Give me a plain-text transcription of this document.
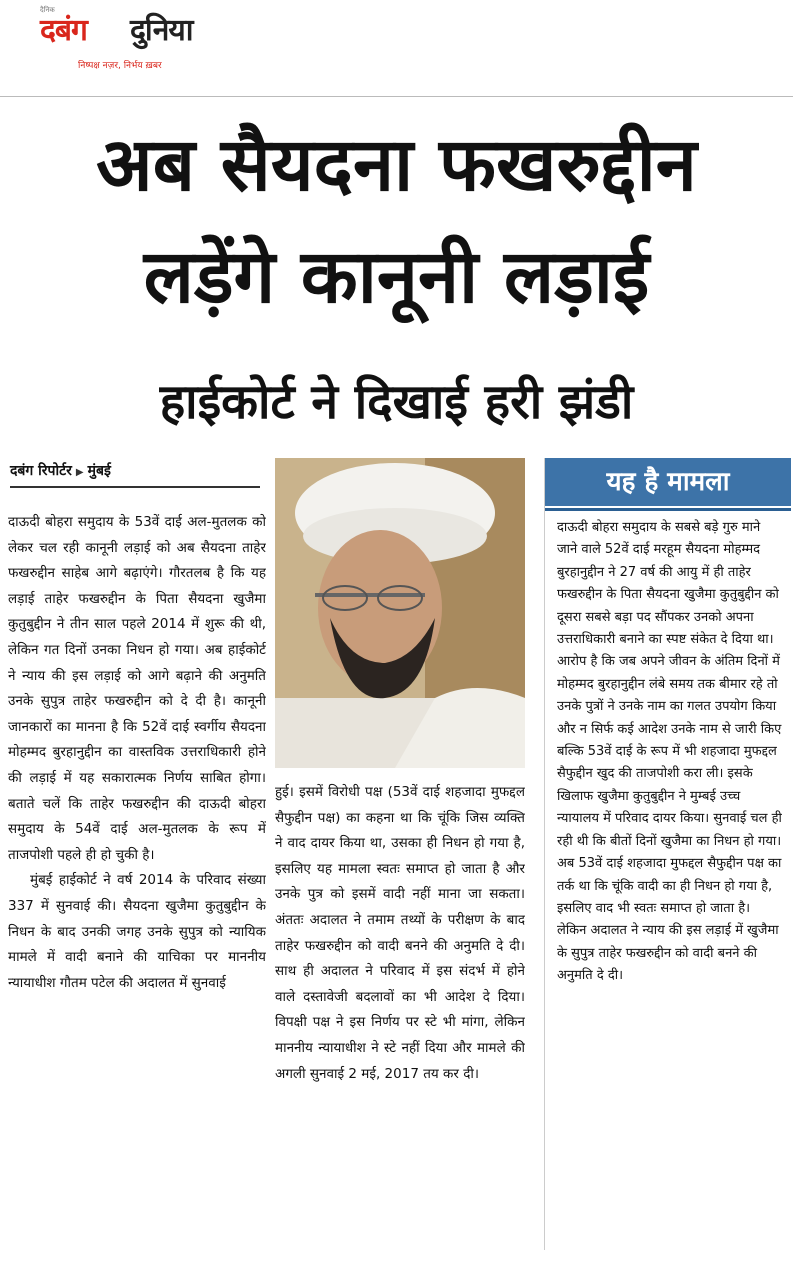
दैनिक
दबंग दुनिया
निष्पक्ष नज़र, निर्भय ख़बर
अब सैयदना फखरुद्दीन
लड़ेंगे कानूनी लड़ाई
हाईकोर्ट ने दिखाई हरी झंडी
दबंग रिपोर्टर ▶ मुंबई

दाऊदी बोहरा समुदाय के 53वें दाई अल-मुतलक को लेकर चल रही कानूनी लड़ाई को अब सैयदना ताहेर फखरुद्दीन साहेब आगे बढ़ाएंगे। गौरतलब है कि यह लड़ाई ताहेर फखरुद्दीन के पिता सैयदना खुजैमा कुतुबुद्दीन ने तीन साल पहले 2014 में शुरू की थी, लेकिन गत दिनों उनका निधन हो गया। अब हाईकोर्ट ने न्याय की इस लड़ाई को आगे बढ़ाने की अनुमति उनके सुपुत्र ताहेर फखरुद्दीन को दे दी है। कानूनी जानकारों का मानना है कि 52वें दाई स्वर्गीय सैयदना मोहम्मद बुरहानुद्दीन का वास्तविक उत्तराधिकारी होने की लड़ाई में यह सकारात्मक निर्णय साबित होगा। बताते चलें कि ताहेर फखरुद्दीन की दाऊदी बोहरा समुदाय के 54वें दाई अल-मुतलक के रूप में ताजपोशी पहले ही हो चुकी है।

मुंबई हाईकोर्ट ने वर्ष 2014 के परिवाद संख्या 337 में सुनवाई की। सैयदना खुजैमा कुतुबुद्दीन के निधन के बाद उनकी जगह उनके सुपुत्र को न्यायिक मामले में वादी बनाने की याचिका पर माननीय न्यायाधीश गौतम पटेल की अदालत में सुनवाई

हुई। इसमें विरोधी पक्ष (53वें दाई शहजादा मुफद्दल सैफुद्दीन पक्ष) का कहना था कि चूंकि जिस व्यक्ति ने वाद दायर किया था, उसका ही निधन हो गया है, इसलिए यह मामला स्वतः समाप्त हो जाता है और उनके पुत्र को इसमें वादी नहीं माना जा सकता। अंततः अदालत ने तमाम तथ्यों के परीक्षण के बाद ताहेर फखरुद्दीन को वादी बनने की अनुमति दे दी। साथ ही अदालत ने परिवाद में इस संदर्भ में होने वाले दस्तावेजी बदलावों का भी आदेश दे दिया। विपक्षी पक्ष ने इस निर्णय पर स्टे भी मांगा, लेकिन माननीय न्यायाधीश ने स्टे नहीं दिया और मामले की अगली सुनवाई 2 मई, 2017 तय कर दी।

यह है मामला

दाऊदी बोहरा समुदाय के सबसे बड़े गुरु माने जाने वाले 52वें दाई मरहूम सैयदना मोहम्मद बुरहानुद्दीन ने 27 वर्ष की आयु में ही ताहेर फखरुद्दीन के पिता सैयदना खुजैमा कुतुबुद्दीन को दूसरा सबसे बड़ा पद सौंपकर उनको अपना उत्तराधिकारी बनाने का स्पष्ट संकेत दे दिया था। आरोप है कि जब अपने जीवन के अंतिम दिनों में मोहम्मद बुरहानुद्दीन लंबे समय तक बीमार रहे तो उनके पुत्रों ने उनके नाम का गलत उपयोग किया और न सिर्फ कई आदेश उनके नाम से जारी किए बल्कि 53वें दाई के रूप में भी शहजादा मुफद्दल सैफुद्दीन खुद की ताजपोशी करा ली। इसके खिलाफ खुजैमा कुतुबुद्दीन ने मुम्बई उच्च न्यायालय में परिवाद दायर किया। सुनवाई चल ही रही थी कि बीतों दिनों खुजैमा का निधन हो गया। अब 53वें दाई शहजादा मुफद्दल सैफुद्दीन पक्ष का तर्क था कि चूंकि वादी का ही निधन हो गया है, इसलिए वाद भी स्वतः समाप्त हो जाता है। लेकिन अदालत ने न्याय की इस लड़ाई में खुजैमा के सुपुत्र ताहेर फखरुद्दीन को वादी बनने की अनुमति दे दी।
